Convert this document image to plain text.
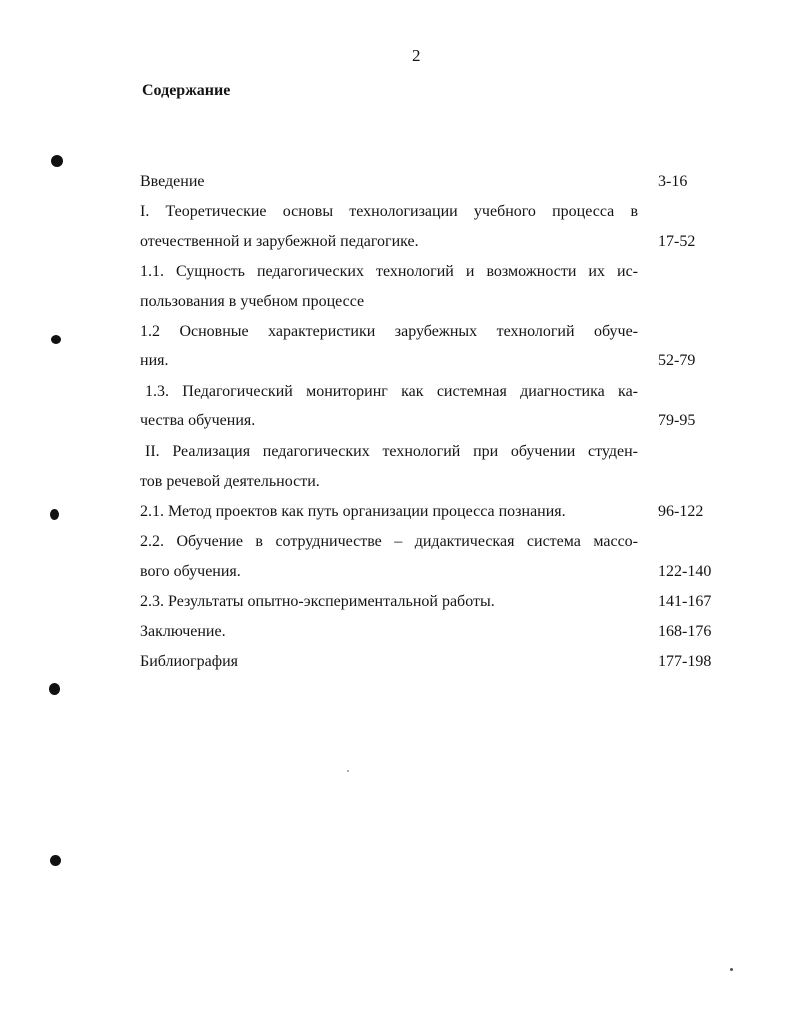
2
Содержание
Введение	3-16
I. Теоретические основы технологизации учебного процесса в
отечественной и зарубежной педагогике.	17-52
1.1. Сущность педагогических технологий и возможности их ис-
пользования в учебном процессе
1.2 Основные характеристики зарубежных технологий обуче-
ния.	52-79
1.3. Педагогический мониторинг как системная диагностика ка-
чества обучения.	79-95
II. Реализация педагогических технологий при обучении студен-
тов речевой деятельности.
2.1. Метод проектов как путь организации процесса познания.	96-122
2.2. Обучение в сотрудничестве – дидактическая система массо-
вого обучения.	122-140
2.3. Результаты опытно-экспериментальной работы.	141-167
Заключение.	168-176
Библиография	177-198
